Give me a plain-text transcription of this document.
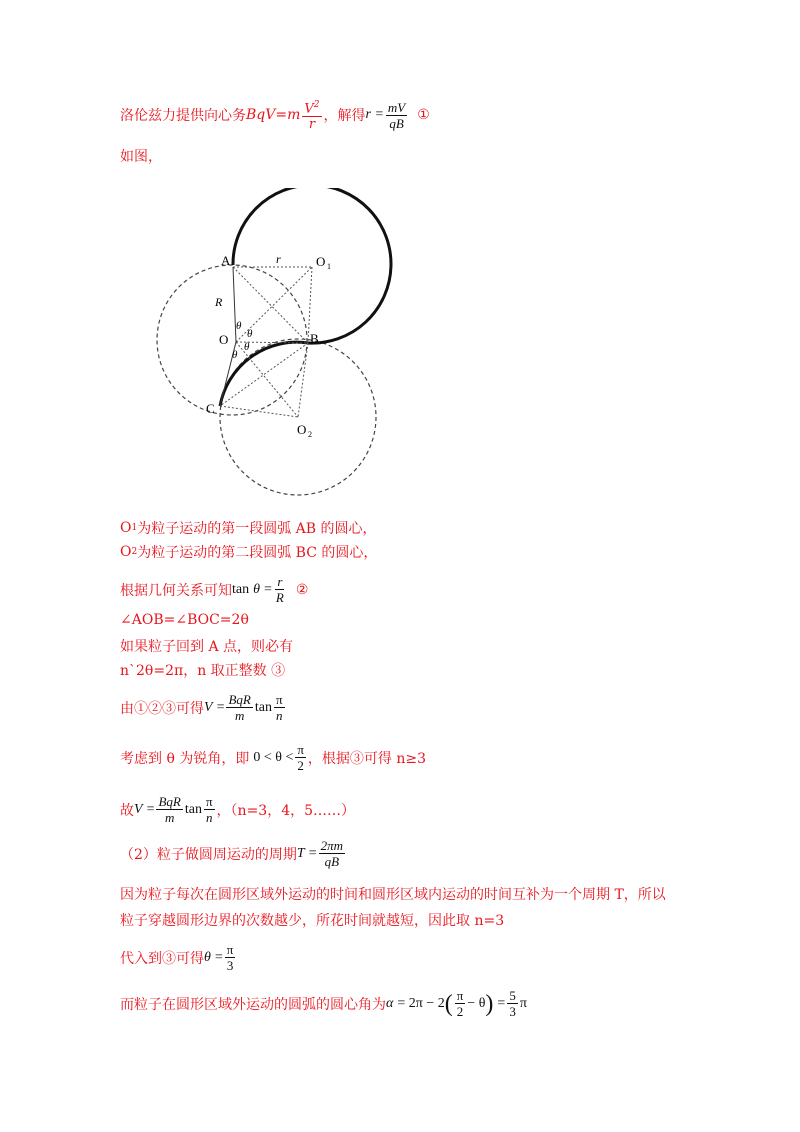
洛伦兹力提供向心务 BqV $=m \frac{V^2}{r}$ ，解得 $r = \frac{mV}{qB}$ ①
如图，
A	O 1
r
R
O	B
C
O 2
θ
θ
θ
θ
O 1 为粒子运动的第一段圆弧 AB 的圆心，
O 2 为粒子运动的第二段圆弧 BC 的圆心，
根据几何关系可知 $\tan \theta = \frac{r}{R}$ ②
∠AOB=∠BOC=2θ
如果粒子回到 A 点，则必有
n`2θ=2π，n 取正整数 ③
由①②③可得 $V = \frac{\text{BqR}}{m}$ $\tan \frac{\pi}{n}$
考虑到 θ 为锐角，即 $0 < \theta < \frac{\pi}{2}$ ，根据③可得 n≥3
故 $V = \frac{\text{BqR}}{m}$ $\tan \frac{\pi}{n}$ ，（n=3，4，5……）
（2）粒子做圆周运动的周期 $T = \frac{2\pi m}{qB}$
因为粒子每次在圆形区域外运动的时间和圆形区域内运动的时间互补为一个周期 T，所以
粒子穿越圆形边界的次数越少，所花时间就越短，因此取 n=3
代入到③可得 $\theta = \frac{\pi}{3}$
而粒子在圆形区域外运动的圆弧的圆心角为 α = 2π − 2 ( $\frac{\pi}{2} - \theta$ ) = $\frac{5}{3}$ π
